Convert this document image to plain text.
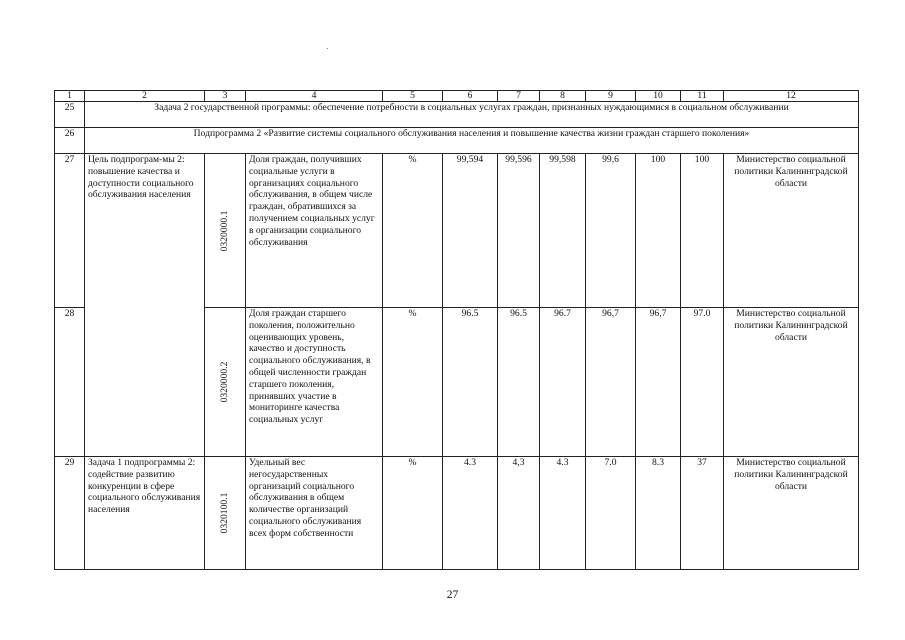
1	2	3	4	5	6	7	8	9	10	11	12
25	Задача 2 государственной программы: обеспечение потребности в социальных услугах граждан, признанных нуждающимися в социальном обслуживании										
26	Подпрограмма 2 «Развитие системы социального обслуживания населения и повышение качества жизни граждан старшего поколения»										
27	Цель подпрограм-мы 2: повышение качества и доступности социального обслуживания населения	0320000.1	Доля граждан, получивших социальные услуги в организациях социального обслуживания, в общем числе граждан, обратившихся за получением социальных услуг в организации социального обслуживания	%	99,594	99,596	99,598	99,6	100	100	Министерство социальной политики Калининградской области
28		0320000.2	Доля граждан старшего поколения, положительно оценивающих уровень, качество и доступность социального обслуживания, в общей численности граждан старшего поколения, принявших участие в мониторинге качества социальных услуг	%	96.5	96.5	96.7	96,7	96,7	97.0	Министерство социальной политики Калининградской области
29	Задача 1 подпрограммы 2: содействие развитию конкуренции в сфере социального обслуживания населения	0320100.1	Удельный вес негосударственных организаций социального обслуживания в общем количестве организаций социального обслуживания всех форм собственности	%	4.3	4,3	4.3	7.0	8.3	37	Министерство социальной политики Калининградской области
27
